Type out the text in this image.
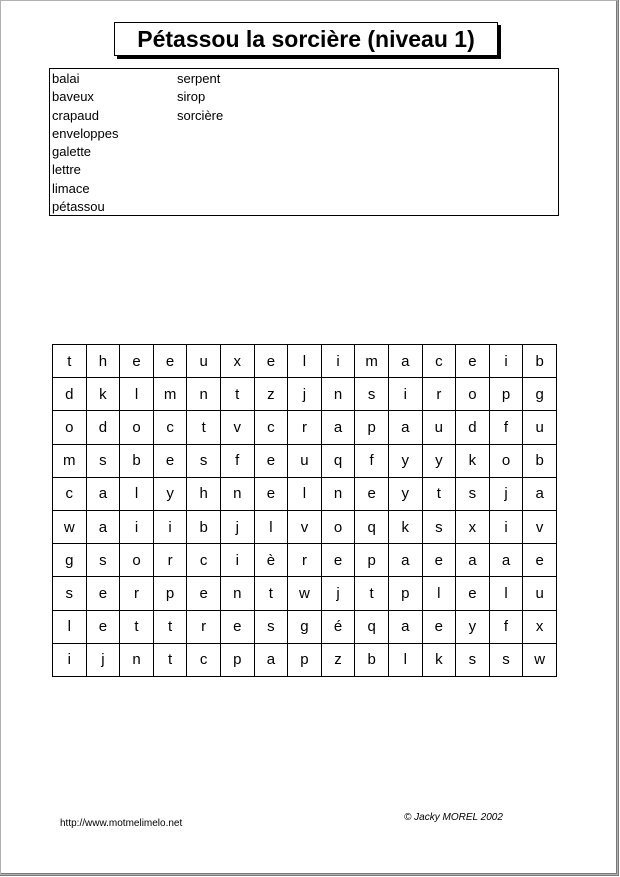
Pétassou la sorcière (niveau 1)
balai
baveux
crapaud
enveloppes
galette
lettre
limace
pétassou
serpent
sirop
sorcière
t	h	e	e	u	x	e	l	i	m	a	c	e	i	b
d	k	l	m	n	t	z	j	n	s	i	r	o	p	g
o	d	o	c	t	v	c	r	a	p	a	u	d	f	u
m	s	b	e	s	f	e	u	q	f	y	y	k	o	b
c	a	l	y	h	n	e	l	n	e	y	t	s	j	a
w	a	i	i	b	j	l	v	o	q	k	s	x	i	v
g	s	o	r	c	i	è	r	e	p	a	e	a	a	e
s	e	r	p	e	n	t	w	j	t	p	l	e	l	u
l	e	t	t	r	e	s	g	é	q	a	e	y	f	x
i	j	n	t	c	p	a	p	z	b	l	k	s	s	w
http://www.motmelimelo.net
© Jacky MOREL 2002
